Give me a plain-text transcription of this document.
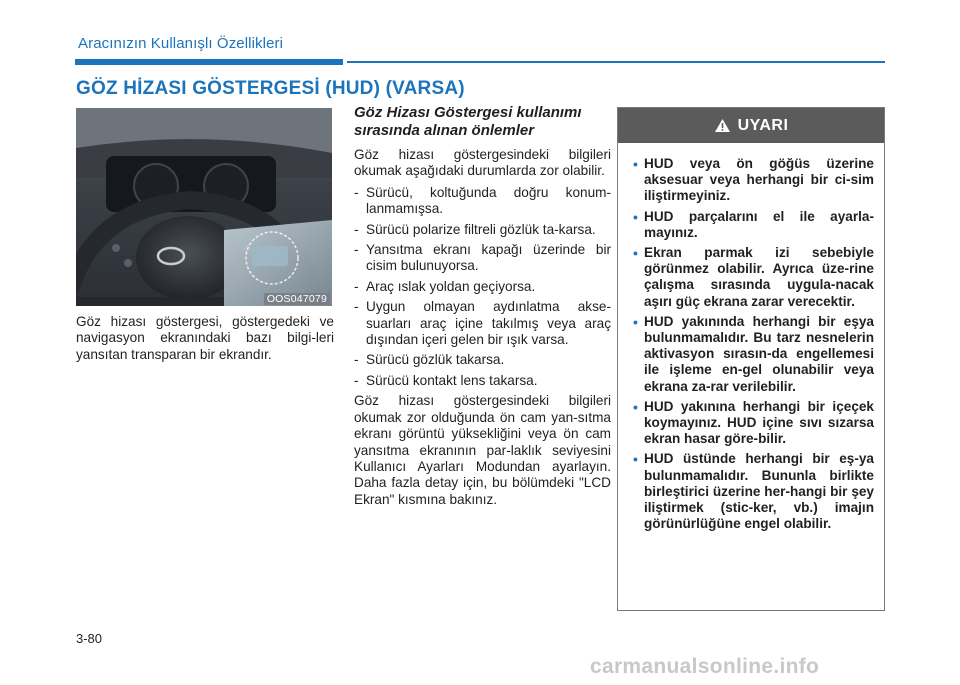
Aracınızın Kullanışlı Özellikleri
GÖZ HİZASI GÖSTERGESİ (HUD) (VARSA)
OOS047079
Göz hizası göstergesi, göstergedeki ve navigasyon ekranındaki bazı bilgi-leri yansıtan transparan bir ekrandır.
Göz Hizası Göstergesi kullanımı sırasında alınan önlemler

Göz hizası göstergesindeki bilgileri okumak aşağıdaki durumlarda zor olabilir.

- Sürücü, koltuğunda doğru konum-lanmamışsa.
- Sürücü polarize filtreli gözlük ta-karsa.
- Yansıtma ekranı kapağı üzerinde bir cisim bulunuyorsa.
- Araç ıslak yoldan geçiyorsa.
- Uygun olmayan aydınlatma akse-suarları araç içine takılmış veya araç dışından içeri gelen bir ışık varsa.
- Sürücü gözlük takarsa.
- Sürücü kontakt lens takarsa.

Göz hizası göstergesindeki bilgileri okumak zor olduğunda ön cam yan-sıtma ekranı görüntü yüksekliğini veya ön cam yansıtma ekranının par-laklık seviyesini Kullanıcı Ayarları Modundan ayarlayın. Daha fazla detay için, bu bölümdeki "LCD Ekran" kısmına bakınız.

UYARI
• HUD veya ön göğüs üzerine aksesuar veya herhangi bir ci-sim iliştirmeyiniz.
• HUD parçalarını el ile ayarla-mayınız.
• Ekran parmak izi sebebiyle görünmez olabilir. Ayrıca üze-rine çalışma sırasında uygula-nacak aşırı güç ekrana zarar verecektir.
• HUD yakınında herhangi bir eşya bulunmamalıdır. Bu tarz nesnelerin aktivasyon sırasın-da engellemesi ile işleme en-gel olunabilir veya ekrana za-rar verilebilir.
• HUD yakınına herhangi bir içeçek koymayınız. HUD içine sıvı sızarsa ekran hasar göre-bilir.
• HUD üstünde herhangi bir eş-ya bulunmamalıdır. Bununla birlikte birleştirici üzerine her-hangi bir şey iliştirmek (stic-ker, vb.) imajın görünürlüğüne engel olabilir.
3-80
carmanualsonline.info
